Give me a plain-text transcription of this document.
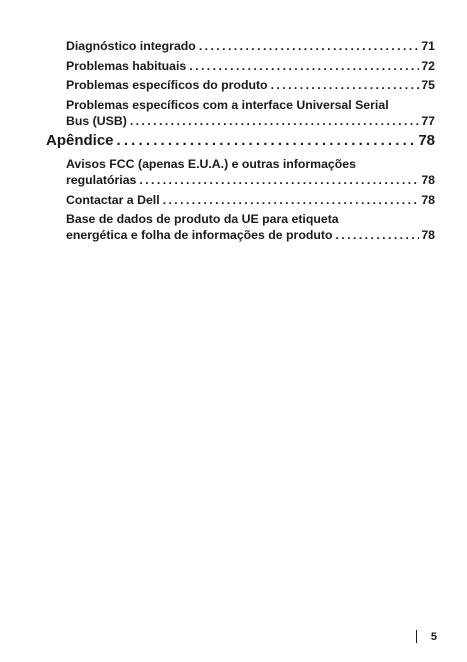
Diagnóstico integrado . . .	71
Problemas habituais . . .	72
Problemas específicos do produto . . .	75
Problemas específicos com a interface Universal Serial
Bus (USB) . . .	77
Apêndice . . .	78
Avisos FCC (apenas E.U.A.) e outras informações
regulatórias . . .	78
Contactar a Dell . . .	78
Base de dados de produto da UE para etiqueta
energética e folha de informações de produto . . .	78
5
